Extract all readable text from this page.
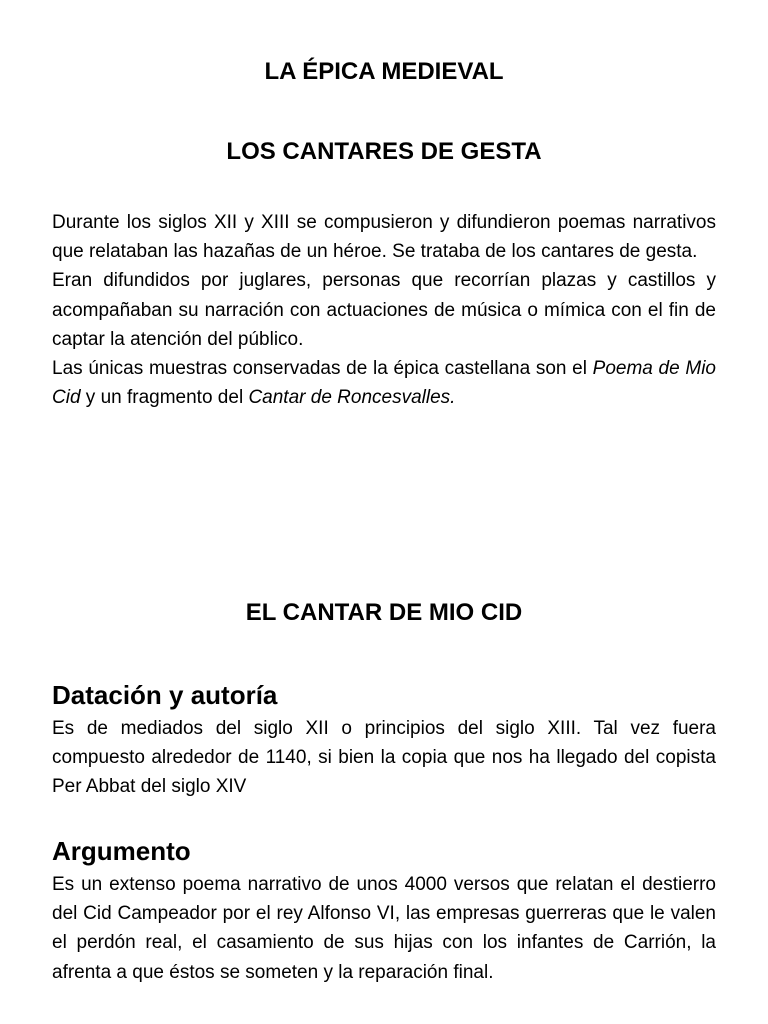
LA ÉPICA MEDIEVAL
LOS CANTARES DE GESTA

Durante los siglos XII y XIII se compusieron y difundieron poemas narrativos que relataban las hazañas de un héroe. Se trataba de los cantares de gesta.

Eran difundidos por juglares, personas que recorrían plazas y castillos y acompañaban su narración con actuaciones de música o mímica con el fin de captar la atención del público.

Las únicas muestras conservadas de la épica castellana son el Poema de Mio Cid y un fragmento del Cantar de Roncesvalles.

EL CANTAR DE MIO CID
Datación y autoría

Es de mediados del siglo XII o principios del siglo XIII. Tal vez fuera compuesto alrededor de 1140, si bien la copia que nos ha llegado del copista Per Abbat del siglo XIV

Argumento

Es un extenso poema narrativo de unos 4000 versos que relatan el destierro del Cid Campeador por el rey Alfonso VI, las empresas guerreras que le valen el perdón real, el casamiento de sus hijas con los infantes de Carrión, la afrenta a que éstos se someten y la reparación final.
